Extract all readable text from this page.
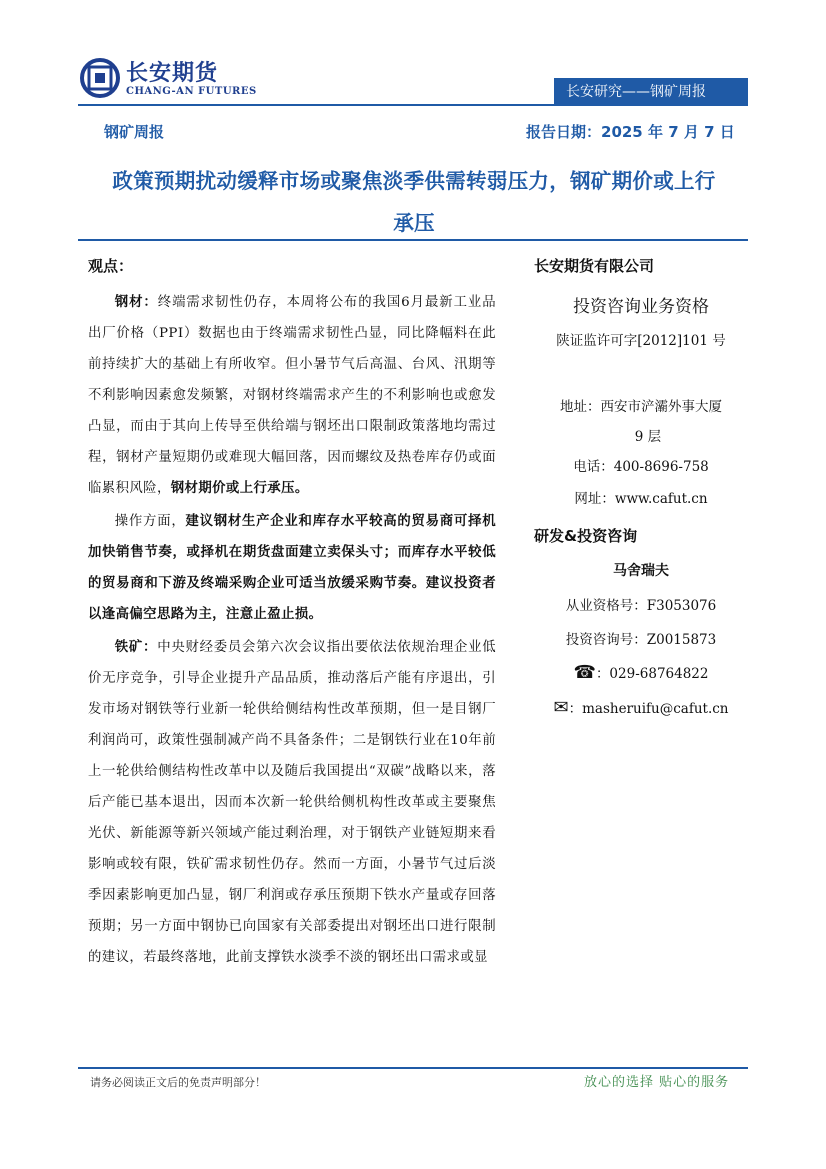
长安期货
CHANG-AN FUTURES	长安研究——钢矿周报
钢矿周报	报告日期：2025 年 7 月 7 日
政策预期扰动缓释市场或聚焦淡季供需转弱压力，钢矿期价或上行
承压
观点：

钢材：终端需求韧性仍存，本周将公布的我国6月最新工业品出厂价格（PPI）数据也由于终端需求韧性凸显，同比降幅料在此前持续扩大的基础上有所收窄。但小暑节气后高温、台风、汛期等不利影响因素愈发频繁，对钢材终端需求产生的不利影响也或愈发凸显，而由于其向上传导至供给端与钢坯出口限制政策落地均需过程，钢材产量短期仍或难现大幅回落，因而螺纹及热卷库存仍或面临累积风险，钢材期价或上行承压。

操作方面，建议钢材生产企业和库存水平较高的贸易商可择机加快销售节奏，或择机在期货盘面建立卖保头寸；而库存水平较低的贸易商和下游及终端采购企业可适当放缓采购节奏。建议投资者以逢高偏空思路为主，注意止盈止损。

铁矿：中央财经委员会第六次会议指出要依法依规治理企业低价无序竞争，引导企业提升产品品质，推动落后产能有序退出，引发市场对钢铁等行业新一轮供给侧结构性改革预期，但一是目钢厂利润尚可，政策性强制减产尚不具备条件；二是钢铁行业在10年前上一轮供给侧结构性改革中以及随后我国提出“双碳”战略以来，落后产能已基本退出，因而本次新一轮供给侧机构性改革或主要聚焦光伏、新能源等新兴领域产能过剩治理，对于钢铁产业链短期来看影响或较有限，铁矿需求韧性仍存。然而一方面，小暑节气过后淡季因素影响更加凸显，钢厂利润或存承压预期下铁水产量或存回落预期；另一方面中钢协已向国家有关部委提出对钢坯出口进行限制的建议，若最终落地，此前支撑铁水淡季不淡的钢坯出口需求或显

长安期货有限公司
投资咨询业务资格
陕证监许可字[2012]101 号
地址：西安市浐灞外事大厦
9 层
电话：400-8696-758
网址：www.cafut.cn
研发&投资咨询
马舍瑞夫
从业资格号：F3053076
投资咨询号：Z0015873
☎：029-68764822
✉：masheruifu@cafut.cn
请务必阅读正文后的免责声明部分！	放心的选择 贴心的服务
